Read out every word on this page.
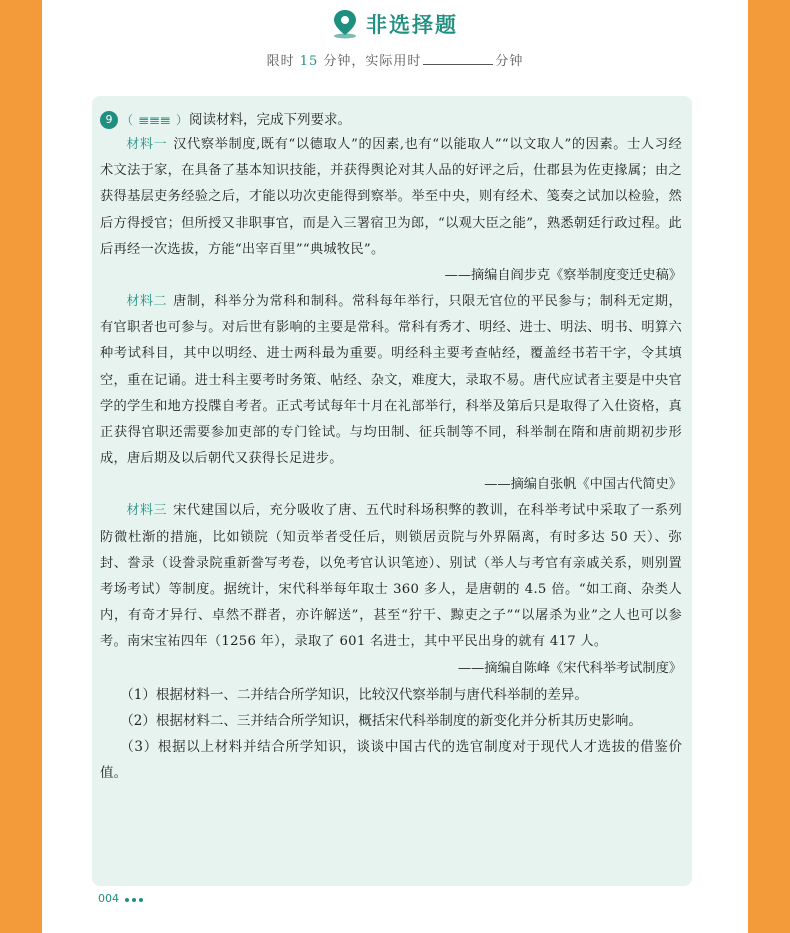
非选择题
限时 15 分钟，实际用时	分钟
9 （ 𝍣𝍣𝍣 ） 阅读材料，完成下列要求。

材料一 汉代察举制度,既有“以德取人”的因素,也有“以能取人”“以文取人”的因素。士人习经术文法于家，在具备了基本知识技能，并获得舆论对其人品的好评之后，仕郡县为佐吏掾属；由之获得基层吏务经验之后，才能以功次吏能得到察举。举至中央，则有经术、笺奏之试加以检验，然后方得授官；但所授又非职事官，而是入三署宿卫为郎，“以观大臣之能”，熟悉朝廷行政过程。此后再经一次选拔，方能“出宰百里”“典城牧民”。

——摘编自阎步克《察举制度变迁史稿》

材料二 唐制，科举分为常科和制科。常科每年举行，只限无官位的平民参与；制科无定期，有官职者也可参与。对后世有影响的主要是常科。常科有秀才、明经、进士、明法、明书、明算六种考试科目，其中以明经、进士两科最为重要。明经科主要考查帖经，覆盖经书若干字，令其填空，重在记诵。进士科主要考时务策、帖经、杂文，难度大，录取不易。唐代应试者主要是中央官学的学生和地方投牒自考者。正式考试每年十月在礼部举行，科举及第后只是取得了入仕资格，真正获得官职还需要参加吏部的专门铨试。与均田制、征兵制等不同，科举制在隋和唐前期初步形成，唐后期及以后朝代又获得长足进步。

——摘编自张帆《中国古代简史》

材料三 宋代建国以后，充分吸收了唐、五代时科场积弊的教训，在科举考试中采取了一系列防微杜渐的措施，比如锁院（知贡举者受任后，则锁居贡院与外界隔离，有时多达 50 天）、弥封、誊录（设誊录院重新誊写考卷，以免考官认识笔迹）、别试（举人与考官有亲戚关系，则别置考场考试）等制度。据统计，宋代科举每年取士 360 多人，是唐朝的 4.5 倍。“如工商、杂类人内，有奇才异行、卓然不群者，亦许解送”，甚至“狞干、黥吏之子”“以屠杀为业”之人也可以参考。南宋宝祐四年（1256 年），录取了 601 名进士，其中平民出身的就有 417 人。

——摘编自陈峰《宋代科举考试制度》

（1）根据材料一、二并结合所学知识，比较汉代察举制与唐代科举制的差异。

（2）根据材料二、三并结合所学知识，概括宋代科举制度的新变化并分析其历史影响。

（3）根据以上材料并结合所学知识，谈谈中国古代的选官制度对于现代人才选拔的借鉴价值。

004
